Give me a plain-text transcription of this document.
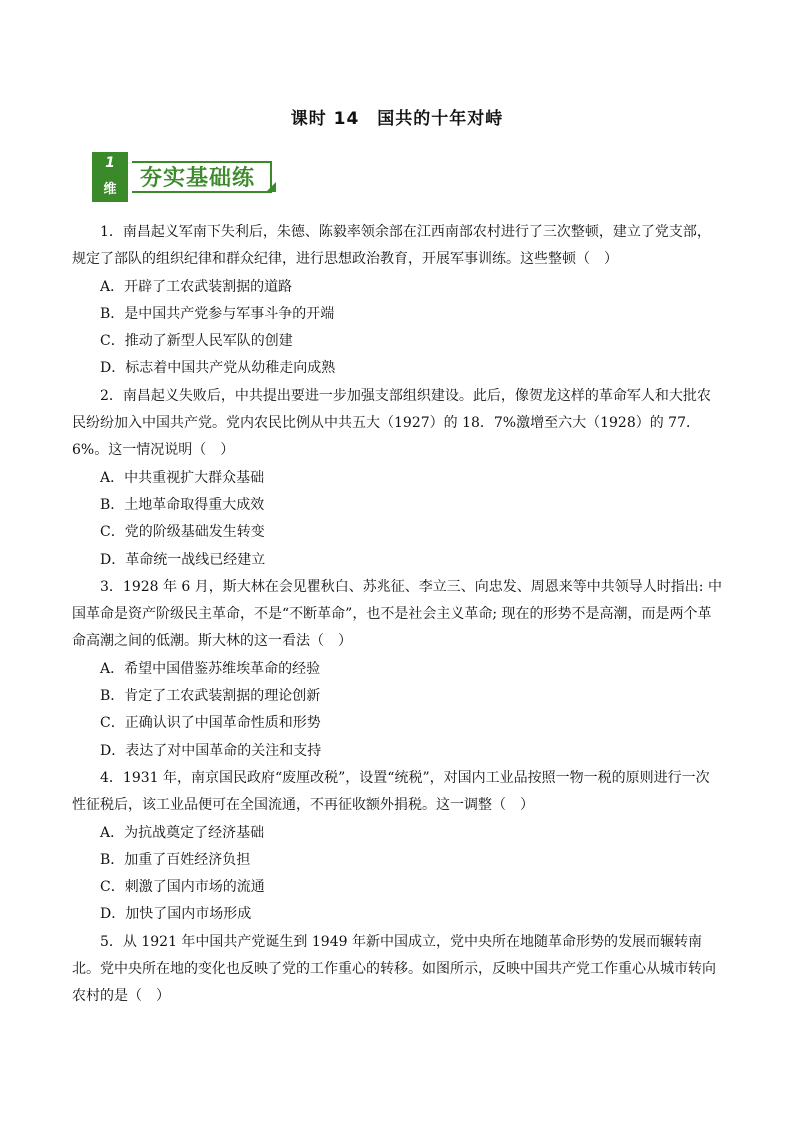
课时 14　国共的十年对峙
1
维	夯实基础练

1．南昌起义军南下失利后，朱德、陈毅率领余部在江西南部农村进行了三次整顿，建立了党支部，规定了部队的组织纪律和群众纪律，进行思想政治教育，开展军事训练。这些整顿（　）

A．开辟了工农武装割据的道路

B．是中国共产党参与军事斗争的开端

C．推动了新型人民军队的创建

D．标志着中国共产党从幼稚走向成熟

2．南昌起义失败后，中共提出要进一步加强支部组织建设。此后，像贺龙这样的革命军人和大批农民纷纷加入中国共产党。党内农民比例从中共五大（1927）的 18．7%激增至六大（1928）的 77．6%。这一情况说明（　）

A．中共重视扩大群众基础

B．土地革命取得重大成效

C．党的阶级基础发生转变

D．革命统一战线已经建立

3．1928 年 6 月，斯大林在会见瞿秋白、苏兆征、李立三、向忠发、周恩来等中共领导人时指出: 中国革命是资产阶级民主革命，不是“不断革命”，也不是社会主义革命; 现在的形势不是高潮，而是两个革命高潮之间的低潮。斯大林的这一看法（　）

A．希望中国借鉴苏维埃革命的经验

B．肯定了工农武装割据的理论创新

C．正确认识了中国革命性质和形势

D．表达了对中国革命的关注和支持

4．1931 年，南京国民政府“废厘改税”，设置“统税”，对国内工业品按照一物一税的原则进行一次性征税后，该工业品便可在全国流通，不再征收额外捐税。这一调整（　）

A．为抗战奠定了经济基础

B．加重了百姓经济负担

C．刺激了国内市场的流通

D．加快了国内市场形成

5．从 1921 年中国共产党诞生到 1949 年新中国成立，党中央所在地随革命形势的发展而辗转南北。党中央所在地的变化也反映了党的工作重心的转移。如图所示，反映中国共产党工作重心从城市转向农村的是（　）
